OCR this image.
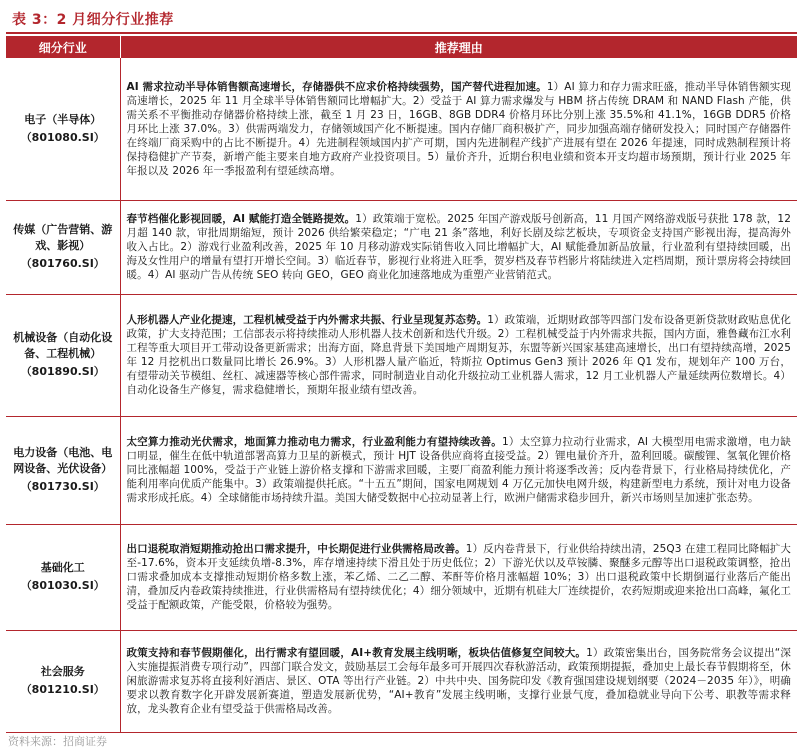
表 3：2 月细分行业推荐
细分行业	推荐理由
电子（半导体）
（801080.SI）	AI 需求拉动半导体销售额高速增长，存储器供不应求价格持续强势，国产替代进程加速。1）AI 算力和存力需求旺盛，推动半导体销售额实现高速增长，2025 年 11 月全球半导体销售额同比增幅扩大。2）受益于 AI 算力需求爆发与 HBM 挤占传统 DRAM 和 NAND Flash 产能，供需关系不平衡推动存储器价格持续上涨，截至 1 月 23 日，16GB、8GB DDR4 价格月环比分别上涨 35.5%和 41.1%，16GB DDR5 价格月环比上涨 37.0%。3）供需两端发力，存储领域国产化不断提速。国内存储厂商积极扩产，同步加强高端存储研发投入；同时国产存储器件在终端厂商采购中的占比不断提升。4）先进制程领域国内扩产可期，国内先进制程产线扩产进展有望在 2026 年提速，同时成熟制程预计将保持稳健扩产节奏，新增产能主要来自地方政府产业投资项目。5）量价齐升，近期台积电业绩和资本开支均超市场预期，预计行业 2025 年年报以及 2026 年一季报盈利有望延续高增。
传媒（广告营销、游戏、影视）
（801760.SI）	春节档催化影视回暖，AI 赋能打造全链路提效。1）政策端于宽松。2025 年国产游戏版号创新高，11 月国产网络游戏版号获批 178 款，12 月超 140 款，审批周期缩短，预计 2026 供给繁荣稳定；“广电 21 条”落地，利好长剧及综艺板块，专项资金支持国产影视出海，提高海外收入占比。2）游戏行业盈利改善，2025 年 10 月移动游戏实际销售收入同比增幅扩大，AI 赋能叠加新品放量，行业盈利有望持续回暖，出海及女性用户的增量有望打开增长空间。3）临近春节，影视行业将进入旺季，贺岁档及春节档影片将陆续进入定档周期，预计票房将会持续回暖。4）AI 驱动广告从传统 SEO 转向 GEO，GEO 商业化加速落地成为重塑产业营销范式。
机械设备（自动化设备、工程机械）
（801890.SI）	人形机器人产业化提速，工程机械受益于内外需求共振、行业呈现复苏态势。1）政策端，近期财政部等四部门发布设备更新贷款财政贴息优化政策，扩大支持范围；工信部表示将持续推动人形机器人技术创新和迭代升级。2）工程机械受益于内外需求共振，国内方面，雅鲁藏布江水利工程等重大项目开工带动设备更新需求；出海方面，降息背景下美国地产周期复苏，东盟等新兴国家基建高速增长，出口有望持续高增，2025 年 12 月挖机出口数量同比增长 26.9%。3）人形机器人量产临近，特斯拉 Optimus Gen3 预计 2026 年 Q1 发布，规划年产 100 万台，有望带动关节模组、丝杠、减速器等核心部件需求，同时制造业自动化升级拉动工业机器人需求，12 月工业机器人产量延续两位数增长。4）自动化设备生产修复，需求稳健增长，预期年报业绩有望改善。
电力设备（电池、电网设备、光伏设备）
（801730.SI）	太空算力推动光伏需求，地面算力推动电力需求，行业盈利能力有望持续改善。1）太空算力拉动行业需求，AI 大模型用电需求激增，电力缺口明显，催生在低中轨道部署高算力卫星的新模式，预计 HJT 设备供应商将直接受益。2）锂电量价齐升，盈利回暖。碳酸锂、氢氧化锂价格同比涨幅超 100%，受益于产业链上游价格支撑和下游需求回暖，主要厂商盈利能力预计将逐季改善；反内卷背景下，行业格局持续优化，产能利用率向优质产能集中。3）政策端提供托底。“十五五”期间，国家电网规划 4 万亿元加快电网升级，构建新型电力系统，预计对电力设备需求形成托底。4）全球储能市场持续升温。美国大储受数据中心拉动显著上行，欧洲户储需求稳步回升，新兴市场则呈加速扩张态势。
基础化工
（801030.SI）	出口退税取消短期推动抢出口需求提升，中长期促进行业供需格局改善。1）反内卷背景下，行业供给持续出清，25Q3 在建工程同比降幅扩大至-17.6%，资本开支延续负增-8.3%，库存增速持续下滑且处于历史低位；2）下游光伏以及草铵膦、聚醚多元醇等出口退税政策调整，抢出口需求叠加成本支撑推动短期价格多数上涨，苯乙烯、二乙二醇、苯酐等价格月涨幅超 10%；3）出口退税政策中长期倒逼行业落后产能出清，叠加反内卷政策持续推进，行业供需格局有望持续优化；4）细分领域中，近期有机硅大厂连续提价，农药短期或迎来抢出口高峰，氟化工受益于配额政策，产能受限，价格较为强势。
社会服务
（801210.SI）	政策支持和春节假期催化，出行需求有望回暖，AI+教育发展主线明晰，板块估值修复空间较大。1）政策密集出台，国务院常务会议提出“深入实施提振消费专项行动”，四部门联合发文，鼓励基层工会每年最多可开展四次春秋游活动，政策预期提振，叠加史上最长春节假期将至，休闲旅游需求复苏将直接利好酒店、景区、OTA 等出行产业链。2）中共中央、国务院印发《教育强国建设规划纲要（2024－2035 年）》，明确要求以教育数字化开辟发展新赛道，塑造发展新优势，“AI+教育”发展主线明晰，支撑行业景气度，叠加稳就业导向下公考、职教等需求释放，龙头教育企业有望受益于供需格局改善。
资料来源：招商证券
